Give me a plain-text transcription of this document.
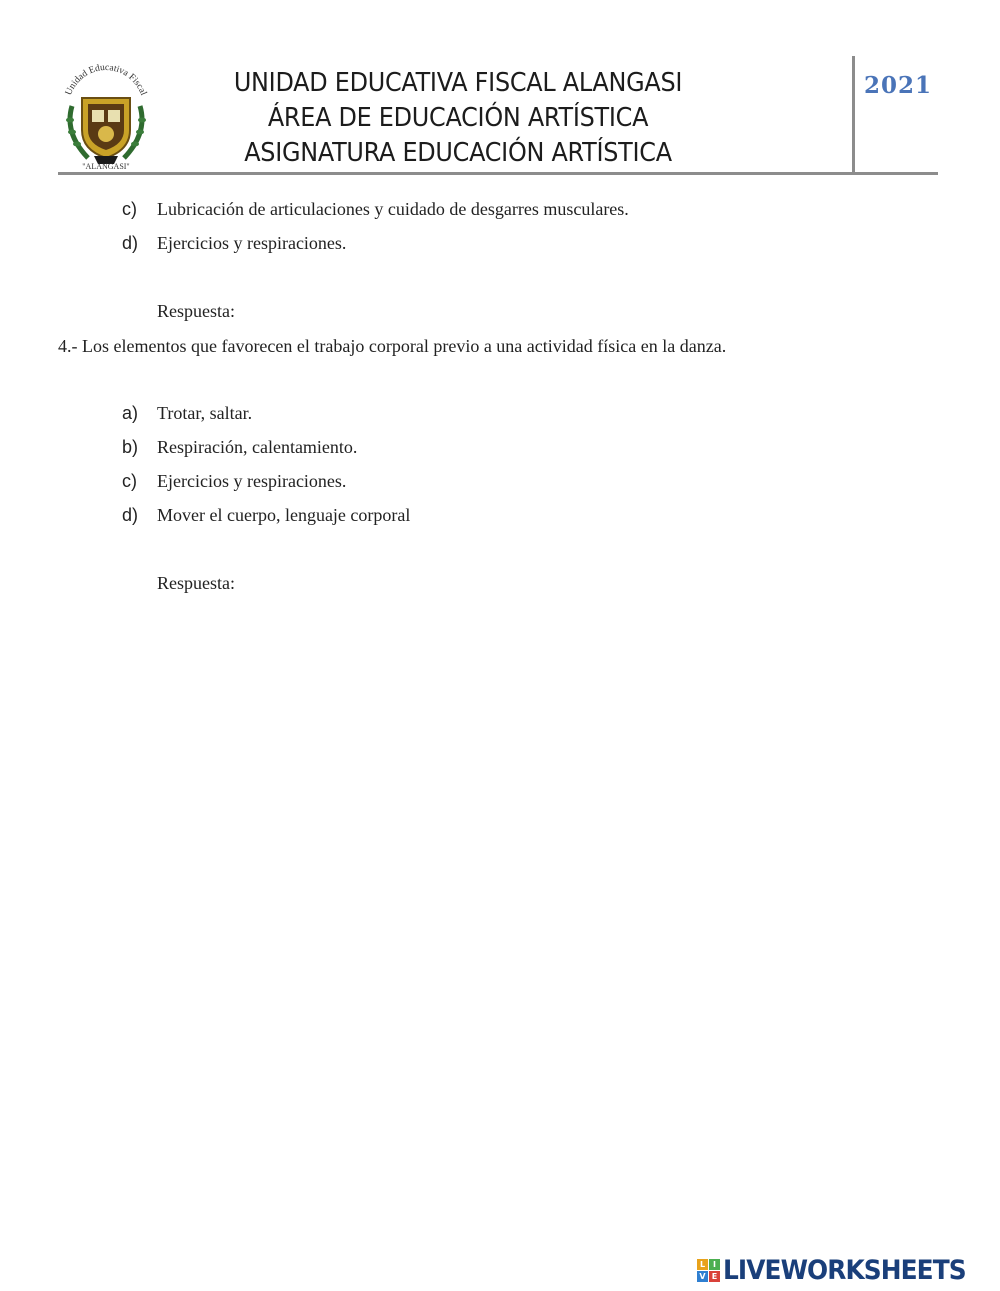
Unidad Educativa Fiscal
"ALANGASI"
UNIDAD EDUCATIVA FISCAL ALANGASI
ÁREA DE EDUCACIÓN ARTÍSTICA
ASIGNATURA EDUCACIÓN ARTÍSTICA
2021
c) Lubricación de articulaciones y cuidado de desgarres musculares.
d) Ejercicios y respiraciones.
Respuesta:
4.- Los elementos que favorecen el trabajo corporal previo a una actividad física en la danza.
a) Trotar, saltar.
b) Respiración, calentamiento.
c) Ejercicios y respiraciones.
d) Mover el cuerpo, lenguaje corporal
Respuesta:
L I
V E LIVEWORKSHEETS
